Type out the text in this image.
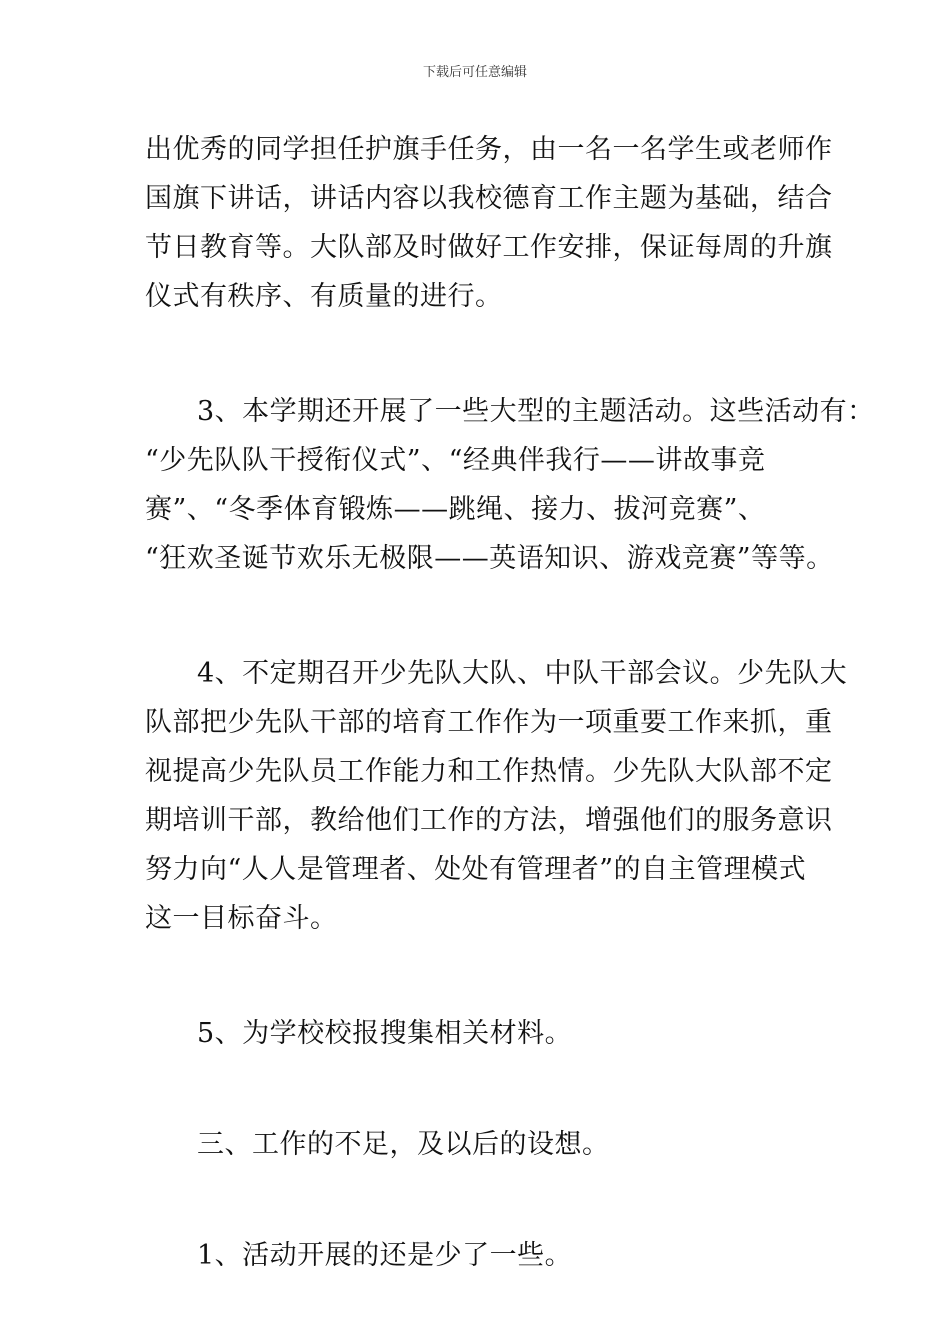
下载后可任意编辑

出优秀的同学担任护旗手任务，由一名一名学生或老师作
国旗下讲话，讲话内容以我校德育工作主题为基础，结合
节日教育等。大队部及时做好工作安排，保证每周的升旗
仪式有秩序、有质量的进行。

3、本学期还开展了一些大型的主题活动。这些活动有：
“少先队队干授衔仪式”、“经典伴我行——讲故事竞
赛”、“冬季体育锻炼——跳绳、接力、拔河竞赛”、
“狂欢圣诞节欢乐无极限——英语知识、游戏竞赛”等等。

4、不定期召开少先队大队、中队干部会议。少先队大
队部把少先队干部的培育工作作为一项重要工作来抓，重
视提高少先队员工作能力和工作热情。少先队大队部不定
期培训干部，教给他们工作的方法，增强他们的服务意识
努力向“人人是管理者、处处有管理者”的自主管理模式
这一目标奋斗。

5、为学校校报搜集相关材料。

三、工作的不足，及以后的设想。

1、活动开展的还是少了一些。
